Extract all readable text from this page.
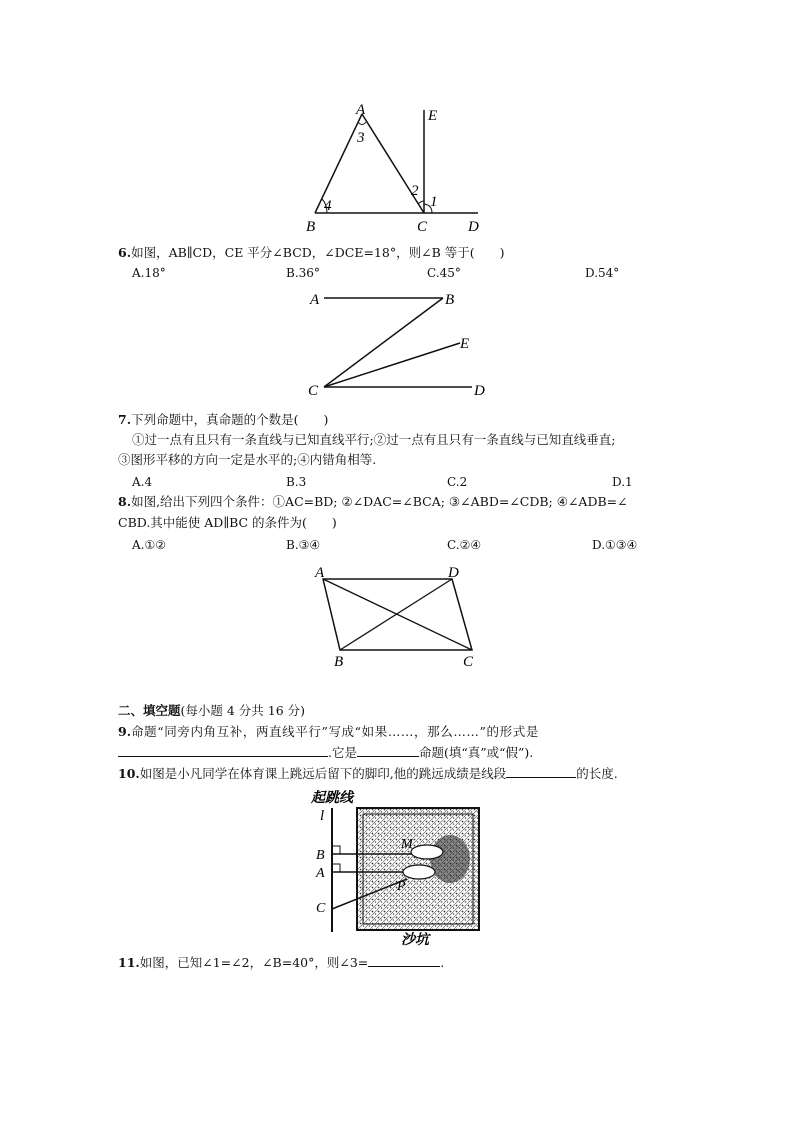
A	E
3
2
1
4
B	C	D
6.如图，AB∥CD，CE 平分∠BCD，∠DCE=18°，则∠B 等于(　　)
A.18°	B.36°	C.45°	D.54°
A	B
E
C	D
7.下列命题中，真命题的个数是(　　)
①过一点有且只有一条直线与已知直线平行;②过一点有且只有一条直线与已知直线垂直;
③图形平移的方向一定是水平的;④内错角相等.
A.4	B.3	C.2	D.1
8.如图,给出下列四个条件：①AC=BD; ②∠DAC=∠BCA; ③∠ABD=∠CDB; ④∠ADB=∠
CBD.其中能使 AD∥BC 的条件为(　　)
A.①②	B.③④	C.②④	D.①③④
A	D
B	C
二、填空题(每小题 4 分共 16 分)
9.命题“同旁内角互补，两直线平行”写成“如果……，那么……”的形式是
.它是	命题(填“真”或“假”).
10.如图是小凡同学在体育课上跳远后留下的脚印,他的跳远成绩是线段	的长度.
起跳线
l
M
P
B
A
C
沙坑
11.如图，已知∠1=∠2，∠B=40°，则∠3=	.
